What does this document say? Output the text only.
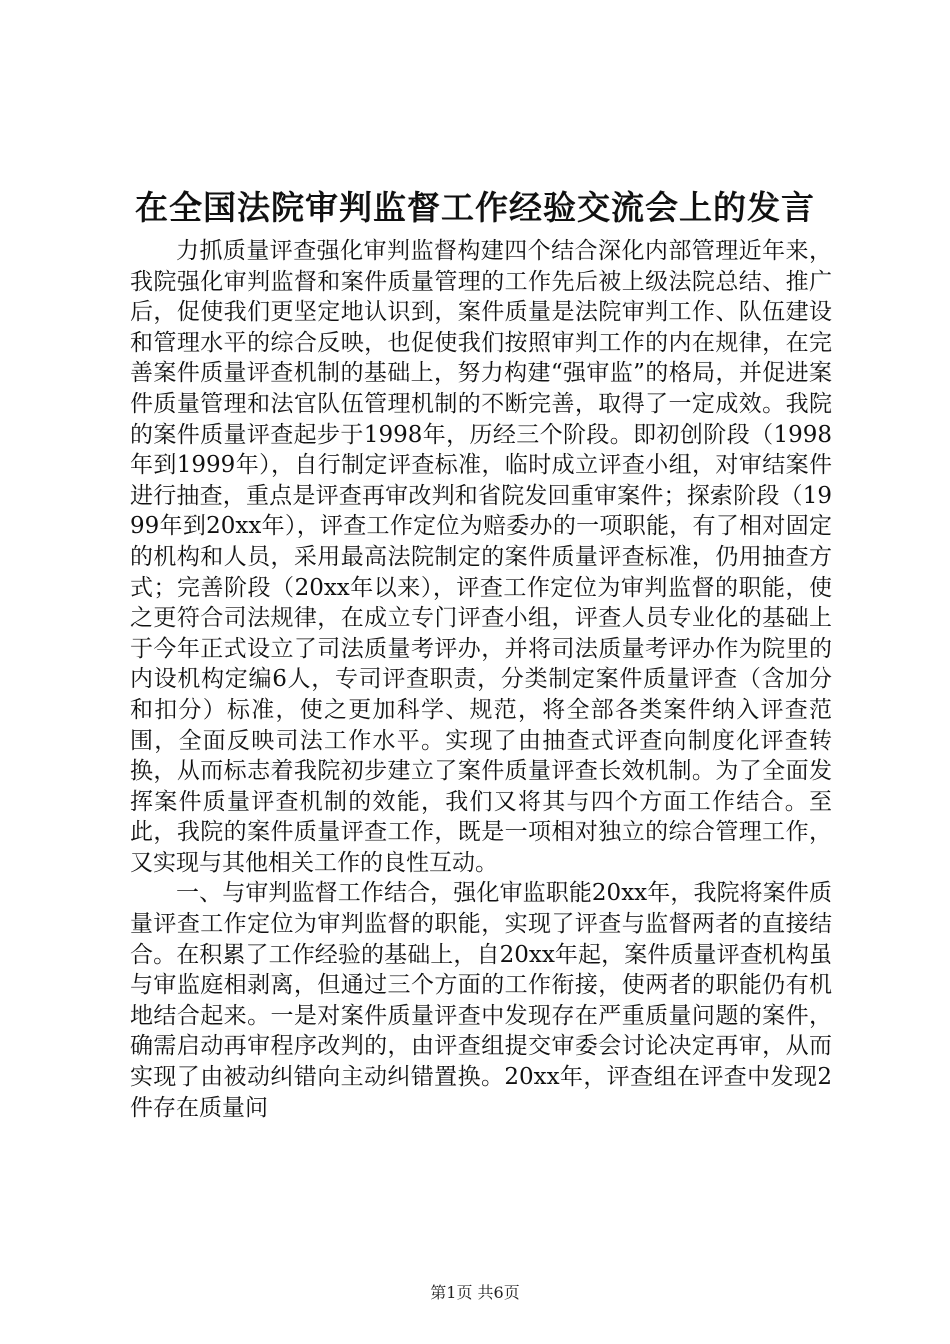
在全国法院审判监督工作经验交流会上的发言

力抓质量评查强化审判监督构建四个结合深化内部管理近年来，我院强化审判监督和案件质量管理的工作先后被上级法院总结、推广后，促使我们更坚定地认识到，案件质量是法院审判工作、队伍建设和管理水平的综合反映，也促使我们按照审判工作的内在规律，在完善案件质量评查机制的基础上，努力构建“强审监”的格局，并促进案件质量管理和法官队伍管理机制的不断完善，取得了一定成效。我院的案件质量评查起步于1998年，历经三个阶段。即初创阶段（1998年到1999年），自行制定评查标准，临时成立评查小组，对审结案件进行抽查，重点是评查再审改判和省院发回重审案件；探索阶段（1999年到20xx年），评查工作定位为赔委办的一项职能，有了相对固定的机构和人员，采用最高法院制定的案件质量评查标准，仍用抽查方式；完善阶段（20xx年以来），评查工作定位为审判监督的职能，使之更符合司法规律，在成立专门评查小组，评查人员专业化的基础上于今年正式设立了司法质量考评办，并将司法质量考评办作为院里的内设机构定编6人，专司评查职责，分类制定案件质量评查（含加分和扣分）标准，使之更加科学、规范，将全部各类案件纳入评查范围，全面反映司法工作水平。实现了由抽查式评查向制度化评查转换，从而标志着我院初步建立了案件质量评查长效机制。为了全面发挥案件质量评查机制的效能，我们又将其与四个方面工作结合。至此，我院的案件质量评查工作，既是一项相对独立的综合管理工作，又实现与其他相关工作的良性互动。

一、与审判监督工作结合，强化审监职能20xx年，我院将案件质量评查工作定位为审判监督的职能，实现了评查与监督两者的直接结合。在积累了工作经验的基础上，自20xx年起，案件质量评查机构虽与审监庭相剥离，但通过三个方面的工作衔接，使两者的职能仍有机地结合起来。一是对案件质量评查中发现存在严重质量问题的案件，确需启动再审程序改判的，由评查组提交审委会讨论决定再审，从而实现了由被动纠错向主动纠错置换。20xx年，评查组在评查中发现2件存在质量问

第1页 共6页
